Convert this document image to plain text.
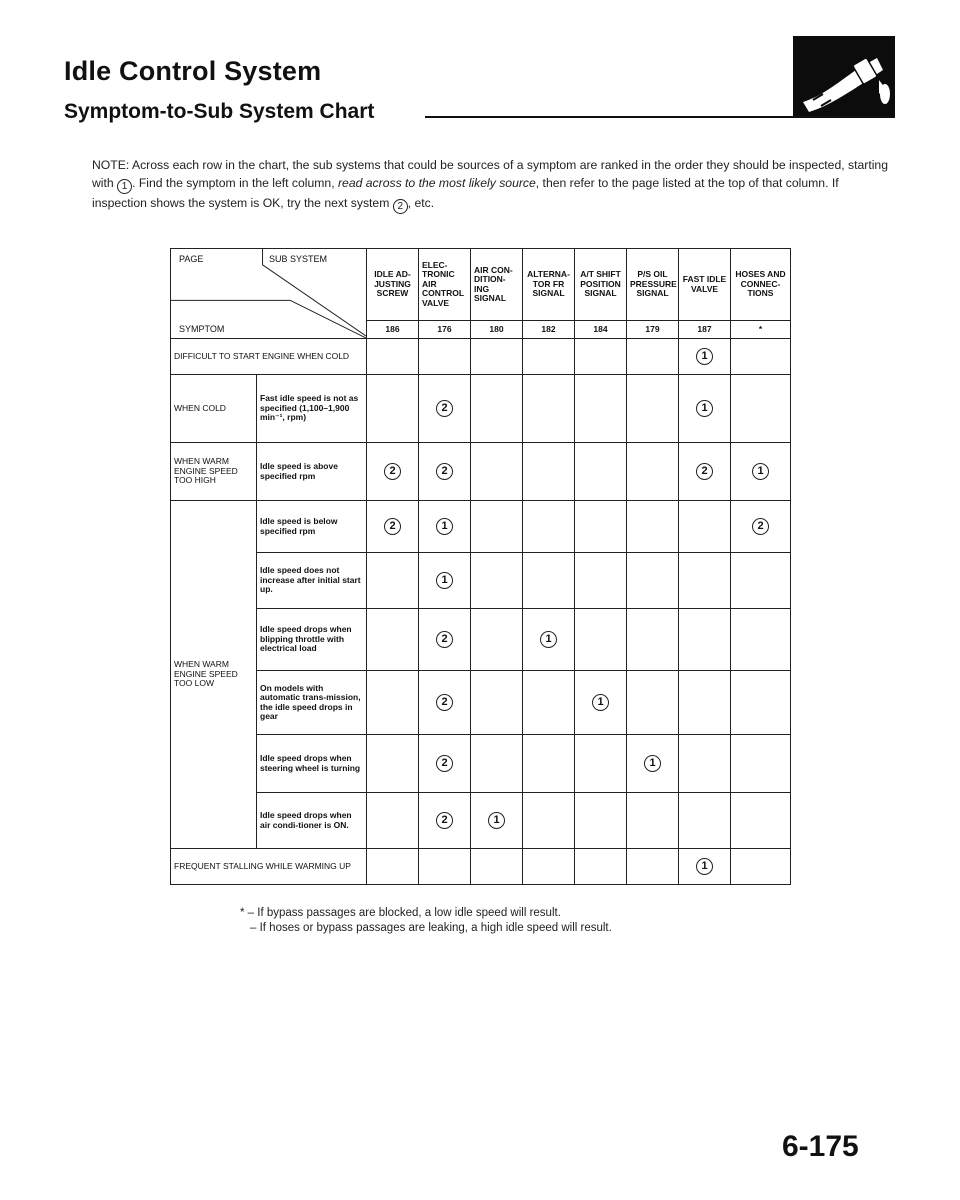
Idle Control System
Symptom-to-Sub System Chart
NOTE: Across each row in the chart, the sub systems that could be sources of a symptom are ranked in the order they should be inspected, starting with 1 . Find the symptom in the left column, read across to the most likely source, then refer to the page listed at the top of that column. If inspection shows the system is OK, try the next system 2 , etc.
PAGE SUB SYSTEM
SYMPTOM		IDLE AD-JUSTING SCREW	ELEC-TRONIC AIR CONTROL VALVE	AIR CON-DITION-ING SIGNAL	ALTERNA-TOR FR SIGNAL	A/T SHIFT POSITION SIGNAL	P/S OIL PRESSURE SIGNAL	FAST IDLE VALVE	HOSES AND CONNEC-TIONS
		186	176	180	182	184	179	187	*
DIFFICULT TO START ENGINE WHEN COLD								1	
WHEN COLD	Fast idle speed is not as specified (1,100–1,900 min⁻¹, rpm)		2					1	
WHEN WARM ENGINE SPEED TOO HIGH	Idle speed is above specified rpm	2	2					2	1
WHEN WARM ENGINE SPEED TOO LOW	Idle speed is below specified rpm	2	1						2
	Idle speed does not increase after initial start up.		1						
	Idle speed drops when blipping throttle with electrical load		2		1				
	On models with automatic trans-mission, the idle speed drops in gear		2			1			
	Idle speed drops when steering wheel is turning		2				1		
	Idle speed drops when air condi-tioner is ON.		2	1					
FREQUENT STALLING WHILE WARMING UP								1	
* – If bypass passages are blocked, a low idle speed will result.
– If hoses or bypass passages are leaking, a high idle speed will result.
6-175
